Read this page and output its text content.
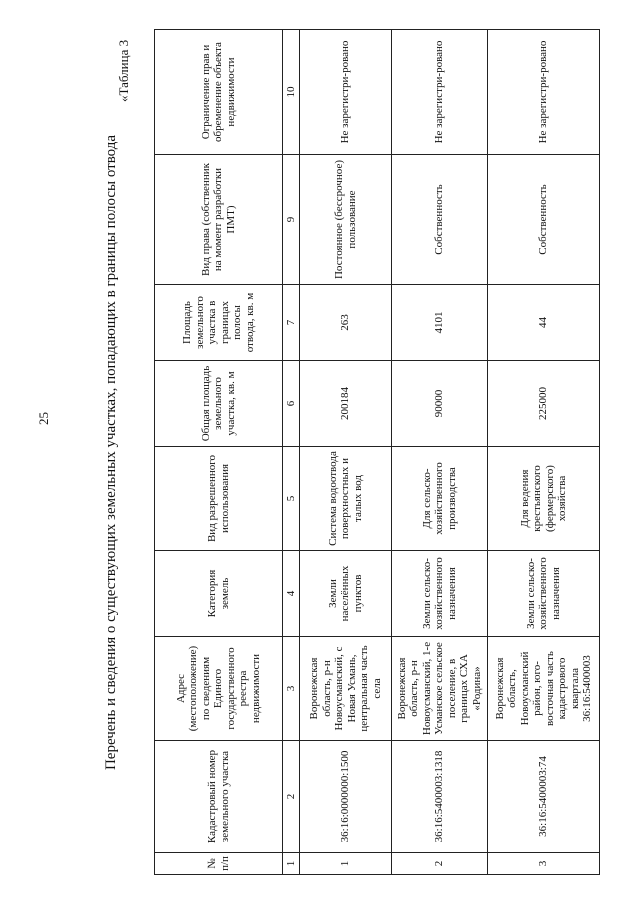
25	Перечень и сведения о существующих земельных участках, попадающих в границы полосы отвода
№ п/п	Кадастровый номер земельного участка	Адрес (местоположение) по сведениям Единого государственного реестра недвижимости	Категория земель	Вид разрешенного использования	Общая площадь земельного участка, кв. м	Площадь земельного участка в границах полосы отвода, кв. м	Вид права (собственник на момент разработки ПМТ)	Ограничение прав и обременение объекта недвижимости
1	2	3	4	5	6	7	9	10
1	36:16:0000000:1500	Воронежская область, р-н Новоусманский, с Новая Усмань, центральная часть села	Земли населённых пунктов	Система водоотвода поверхностных и талых вод	200184	263	Постоянное (бессрочное) пользование	Не зарегистри-ровано
2	36:16:5400003:1318	Воронежская область, р-н Новоусманский, 1-е Усманское сельское поселение, в границах СХА «Родина»	Земли сельско-хозяйственного назначения	Для сельско-хозяйственного производства	90000	4101	Собственность	Не зарегистри-ровано
3	36:16:5400003:74	Воронежская область, Новоусманский район, юго-восточная часть кадастрового квартала 36:16:5400003	Земли сельско-хозяйственного назначения	Для ведения крестьянского (фермерского) хозяйства	225000	44	Собственность	Не зарегистри-ровано
«Таблица 3
